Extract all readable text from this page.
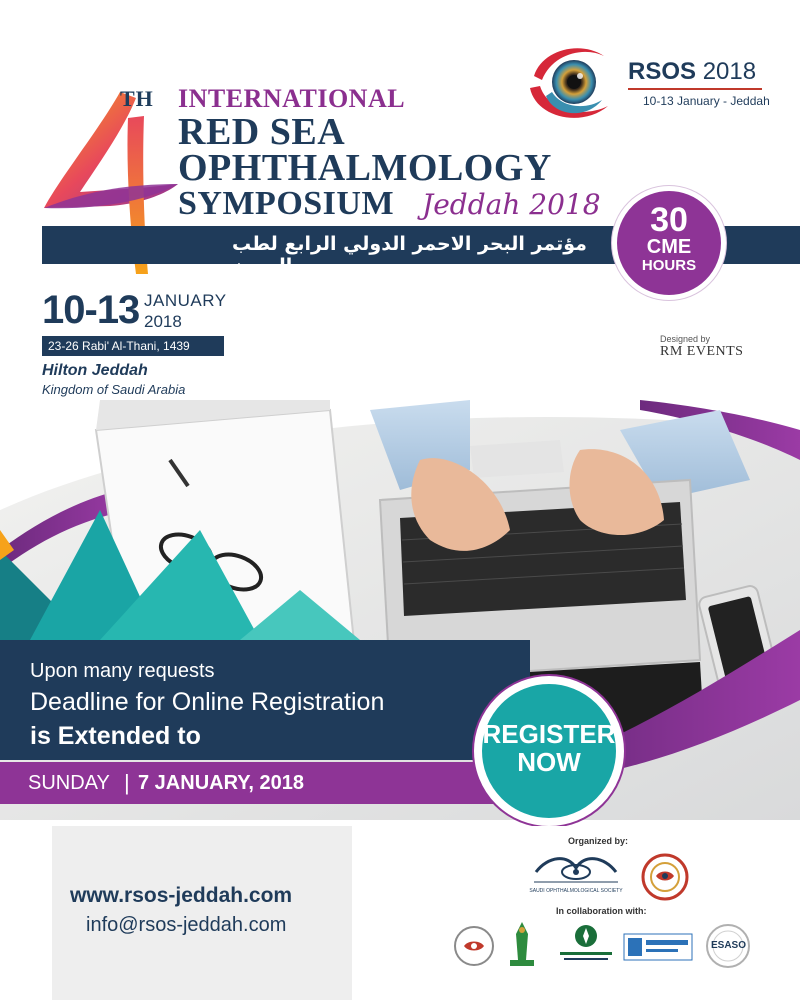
TH INTERNATIONAL
RED SEA
OPHTHALMOLOGY
SYMPOSIUM Jeddah 2018
مؤتمر البحر الاحمر الدولي الرابع لطب العيون
30
CME
HOURS
RSOS 2018
10-13 January - Jeddah
10-13 JANUARY
2018
23-26 Rabi' Al-Thani, 1439
Hilton Jeddah
Kingdom of Saudi Arabia
Designed by
RM EVENTS
Upon many requests
Deadline for Online Registration
is Extended to
SUNDAY | 7 JANUARY, 2018
REGISTER
NOW
www.rsos-jeddah.com
info@rsos-jeddah.com
Organized by:
SAUDI OPHTHALMOLOGICAL SOCIETY
In collaboration with:
ESASO
